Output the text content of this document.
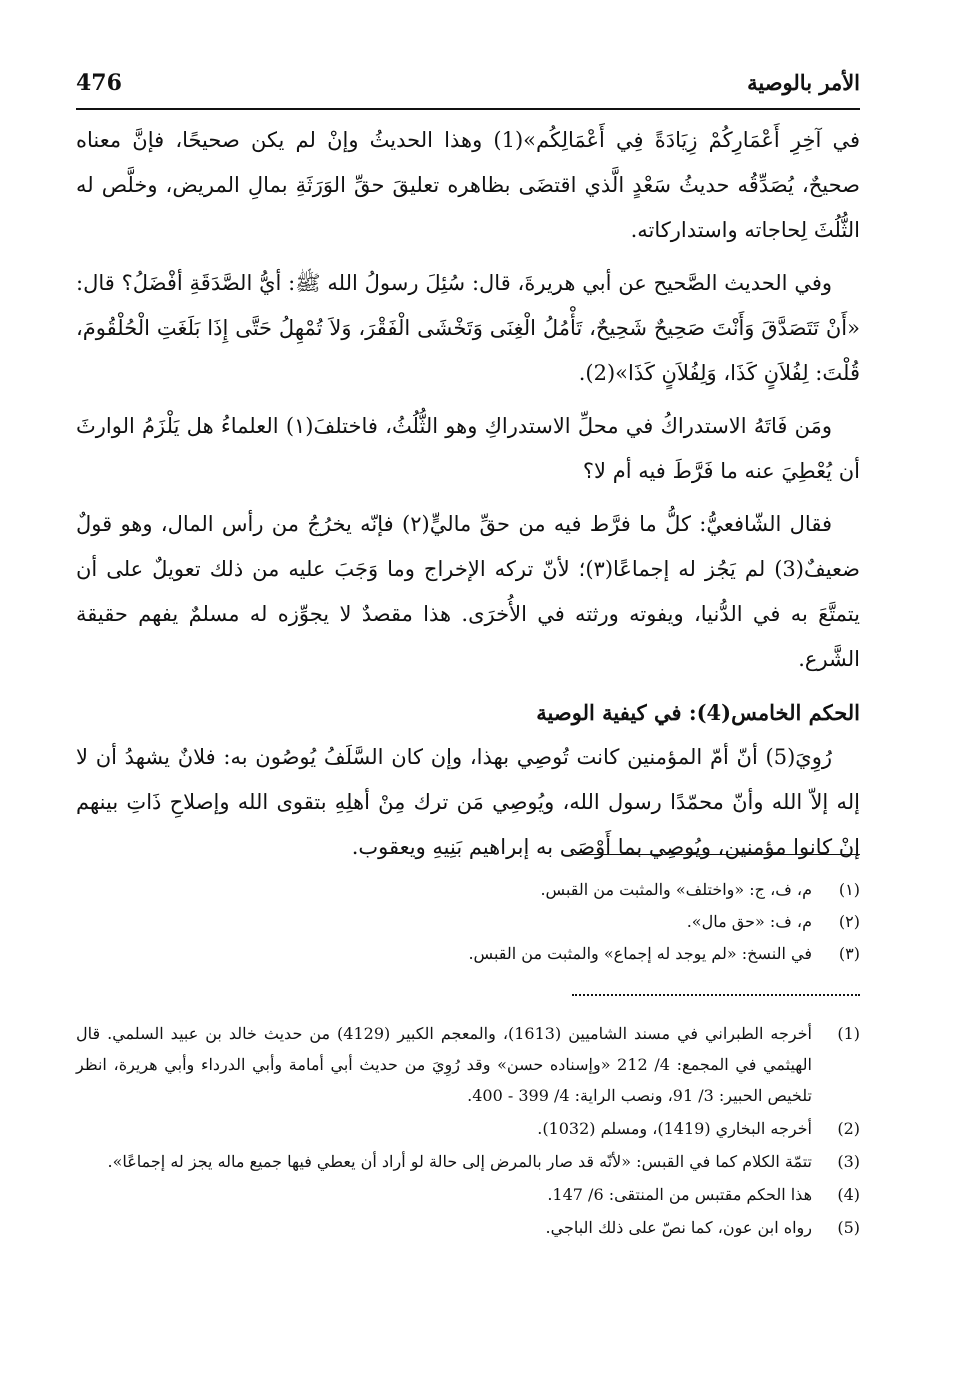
476	الأمر بالوصية

في آخِرِ أَعْمَارِكُمْ زِيَادَةً فِي أَعْمَالِكُم»(1) وهذا الحديثُ وإنْ لم يكن صحيحًا، فإنَّ معناه صحيحٌ، يُصَدِّقُه حديثُ سَعْدٍ الَّذي اقتضَى بظاهره تعليقَ حقِّ الوَرَثَةِ بمالِ المريض، وخلَّص له الثُّلُثَ لِحاجاته واستداركاته.

وفي الحديث الصَّحيح عن أبي هريرةَ، قال: سُئِلَ رسولُ الله ﷺ: أيُّ الصَّدَقَةِ أفْضَلُ؟ قال: «أَنْ تَتَصَدَّقَ وَأَنْتَ صَحِيحٌ شَحِيحٌ، تَأْمُلُ الْغِنَى وَتَخْشَى الْفَقْرَ، وَلاَ تُمْهِلُ حَتَّى إِذَا بَلَغَتِ الْحُلْقُومَ، قُلْتَ: لِفُلاَنٍ كَذَا، وَلِفُلاَنٍ كَذَا»(2).

ومَن فَاتَهُ الاستدراكُ في محلِّ الاستدراكِ وهو الثُّلُثُ، فاختلفَ(١) العلماءُ هل يَلْزَمُ الوارثَ أن يُعْطِيَ عنه ما فَرَّطَ فيه أم لا؟

فقال الشّافعيُّ: كلُّ ما فرَّط فيه من حقِّ ماليٍّ(٢) فإنّه يخرُجُ من رأس المال، وهو قولٌ ضعيفٌ(3) لم يَجُز له إجماعًا(٣)؛ لأنّ تركه الإخراج وما وَجَبَ عليه من ذلك تعويلٌ على أن يتمتَّعَ به في الدُّنيا، ويفوته ورثته في الأُخرَى. هذا مقصدٌ لا يجوِّزه له مسلمٌ يفهم حقيقة الشَّرع.

الحكم الخامس(4): في كيفية الوصية

رُوِيَ(5) أنّ أمّ المؤمنين كانت تُوصِي بهذا، وإن كان السَّلَفُ يُوصُون به: فلانٌ يشهدُ أن لا إله إلاّ الله وأنّ محمّدًا رسول الله، ويُوصِي مَن ترك مِنْ أهلِهِ بتقوى الله وإصلاحِ ذَاتِ بينهم إنْ كانوا مؤمنين، ويُوصِي بما أَوْصَى به إبراهيم بَنِيهِ ويعقوب.

(١)
م، ف، ج: «واختلف» والمثبت من القبس.
(٢)
م، ف: «حق مال».
(٣)
في النسخ: «لم يوجد له إجماع» والمثبت من القبس.
(1)
أخرجه الطبراني في مسند الشاميين (1613)، والمعجم الكبير (4129) من حديث خالد بن عبيد السلمي. قال الهيثمي في المجمع: 4/ 212 «وإسناده حسن» وقد رُوِيَ من حديث أبي أمامة وأبي الدرداء وأبي هريرة، انظر تلخيص الحبير: 3/ 91، ونصب الراية: 4/ 399 - 400.
(2)
أخرجه البخاري (1419)، ومسلم (1032).
(3)
تتمّة الكلام كما في القبس: «لأنّه قد صار بالمرض إلى حالة لو أراد أن يعطي فيها جميع ماله يجز له إجماعًا».
(4)
هذا الحكم مقتبس من المنتقى: 6/ 147.
(5)
رواه ابن عون، كما نصّ على ذلك الباجي.
